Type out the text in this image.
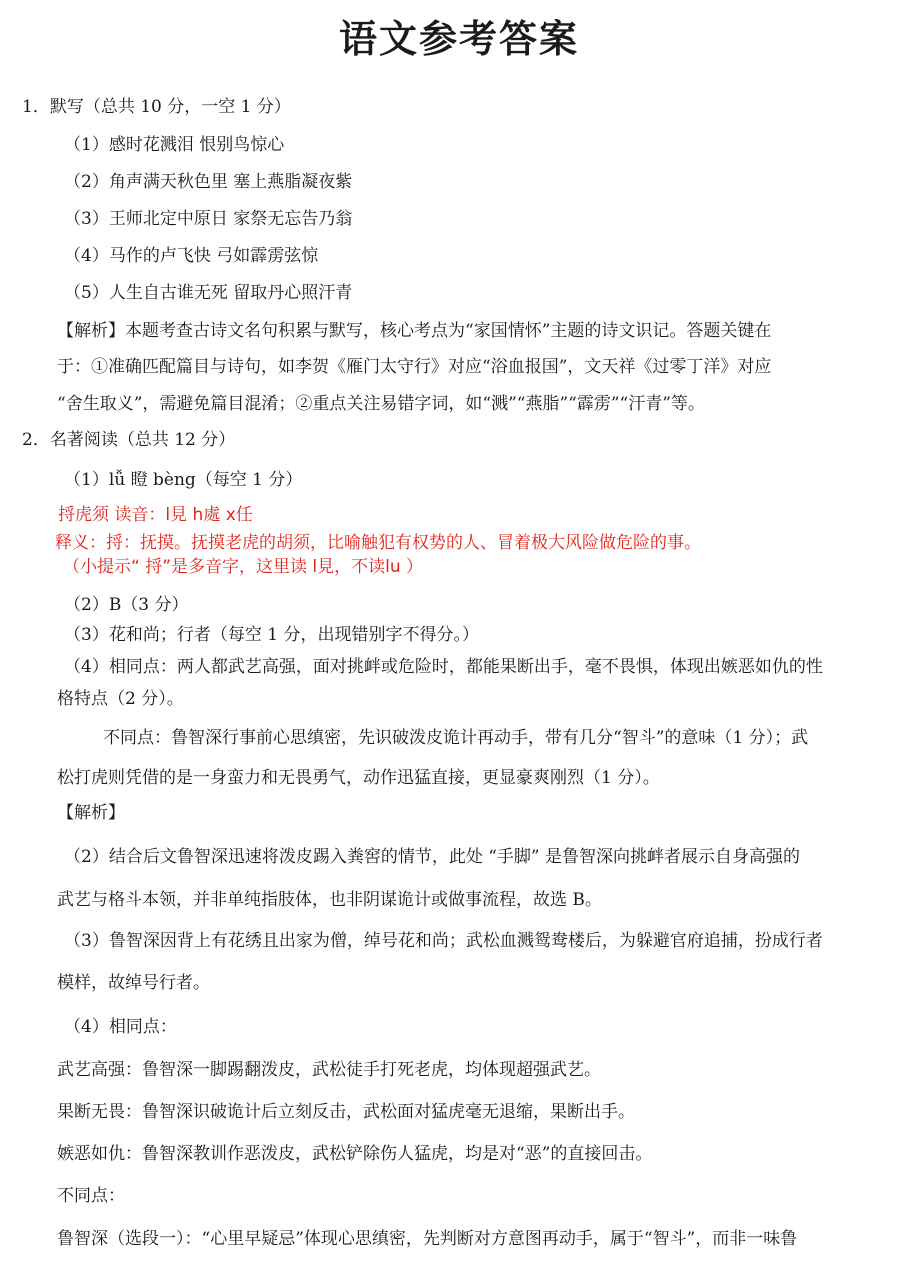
语文参考答案
1．默写（总共 10 分，一空 1 分）
（1）感时花溅泪 恨别鸟惊心
（2）角声满天秋色里 塞上燕脂凝夜紫
（3）王师北定中原日 家祭无忘告乃翁
（4）马作的卢飞快 弓如霹雳弦惊
（5）人生自古谁无死 留取丹心照汗青
【解析】本题考查古诗文名句积累与默写，核心考点为“家国情怀”主题的诗文识记。答题关键在
于：①准确匹配篇目与诗句，如李贺《雁门太守行》对应“浴血报国”，文天祥《过零丁洋》对应
“舍生取义”，需避免篇目混淆；②重点关注易错字词，如“溅”“燕脂”“霹雳”“汗青”等。
2．名著阅读（总共 12 分）
（1）lǚ 瞪 bèng（每空 1 分）
捋虎须 读音：l見 h處 x任
释义：捋：抚摸。抚摸老虎的胡须，比喻触犯有权势的人、冒着极大风险做危险的事。
（小提示“ 捋”是多音字，这里读 l見，不读lu ）
（2）B（3 分）
（3）花和尚；行者（每空 1 分，出现错别字不得分。）
（4）相同点：两人都武艺高强，面对挑衅或危险时，都能果断出手，毫不畏惧，体现出嫉恶如仇的性
格特点（2 分）。
不同点：鲁智深行事前心思缜密，先识破泼皮诡计再动手，带有几分“智斗”的意味（1 分）；武
松打虎则凭借的是一身蛮力和无畏勇气，动作迅猛直接，更显豪爽刚烈（1 分）。
【解析】
（2）结合后文鲁智深迅速将泼皮踢入粪窖的情节，此处 “手脚” 是鲁智深向挑衅者展示自身高强的
武艺与格斗本领，并非单纯指肢体，也非阴谋诡计或做事流程，故选 B。
（3）鲁智深因背上有花绣且出家为僧，绰号花和尚；武松血溅鸳鸯楼后，为躲避官府追捕，扮成行者
模样，故绰号行者。
（4）相同点：
武艺高强：鲁智深一脚踢翻泼皮，武松徒手打死老虎，均体现超强武艺。
果断无畏：鲁智深识破诡计后立刻反击，武松面对猛虎毫无退缩，果断出手。
嫉恶如仇：鲁智深教训作恶泼皮，武松铲除伤人猛虎，均是对“恶”的直接回击。
不同点：
鲁智深（选段一）：“心里早疑忌”体现心思缜密，先判断对方意图再动手，属于“智斗”，而非一味鲁
